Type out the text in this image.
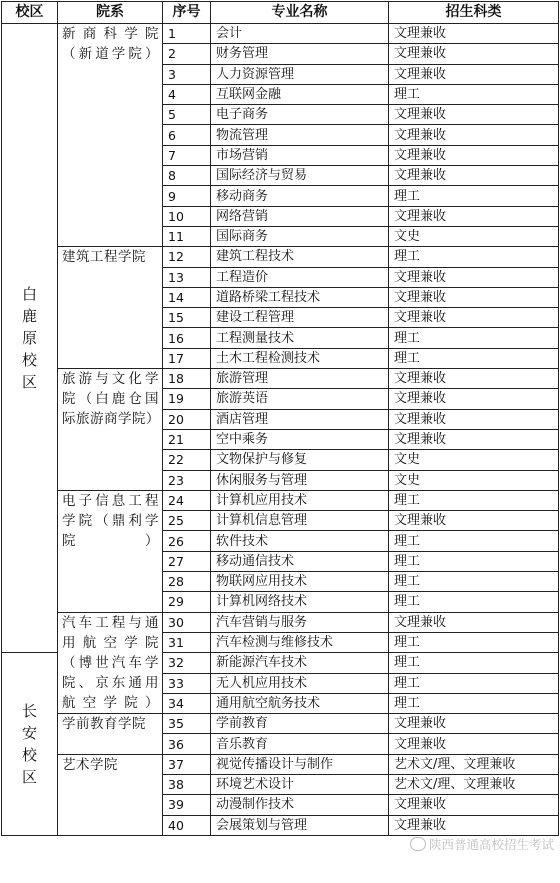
校区	院系	序号	专业名称	招生科类
白鹿原校区	新商科学院（新道学院）	1	会计	文理兼收
		2	财务管理	文理兼收
		3	人力资源管理	文理兼收
		4	互联网金融	理工
		5	电子商务	文理兼收
		6	物流管理	文理兼收
		7	市场营销	文理兼收
		8	国际经济与贸易	文理兼收
		9	移动商务	理工
		10	网络营销	文理兼收
		11	国际商务	文史
	建筑工程学院	12	建筑工程技术	理工
		13	工程造价	文理兼收
		14	道路桥梁工程技术	文理兼收
		15	建设工程管理	文理兼收
		16	工程测量技术	理工
		17	土木工程检测技术	理工
	旅游与文化学院（白鹿仓国际旅游商学院）	18	旅游管理	文理兼收
		19	旅游英语	文理兼收
		20	酒店管理	文理兼收
		21	空中乘务	文理兼收
		22	文物保护与修复	文史
		23	休闲服务与管理	文史
	电子信息工程学院（鼎利学院）	24	计算机应用技术	理工
		25	计算机信息管理	文理兼收
		26	软件技术	理工
		27	移动通信技术	理工
		28	物联网应用技术	理工
		29	计算机网络技术	理工
	汽车工程与通用航空学院（博世汽车学院、京东通用航空学院）	30	汽车营销与服务	文理兼收
		31	汽车检测与维修技术	理工
长安校区		32	新能源汽车技术	理工
		33	无人机应用技术	理工
		34	通用航空航务技术	理工
	学前教育学院	35	学前教育	文理兼收
		36	音乐教育	文理兼收
	艺术学院	37	视觉传播设计与制作	艺术文/理、文理兼收
		38	环境艺术设计	艺术文/理、文理兼收
		39	动漫制作技术	文理兼收
		40	会展策划与管理	文理兼收
陕西普通高校招生考试
